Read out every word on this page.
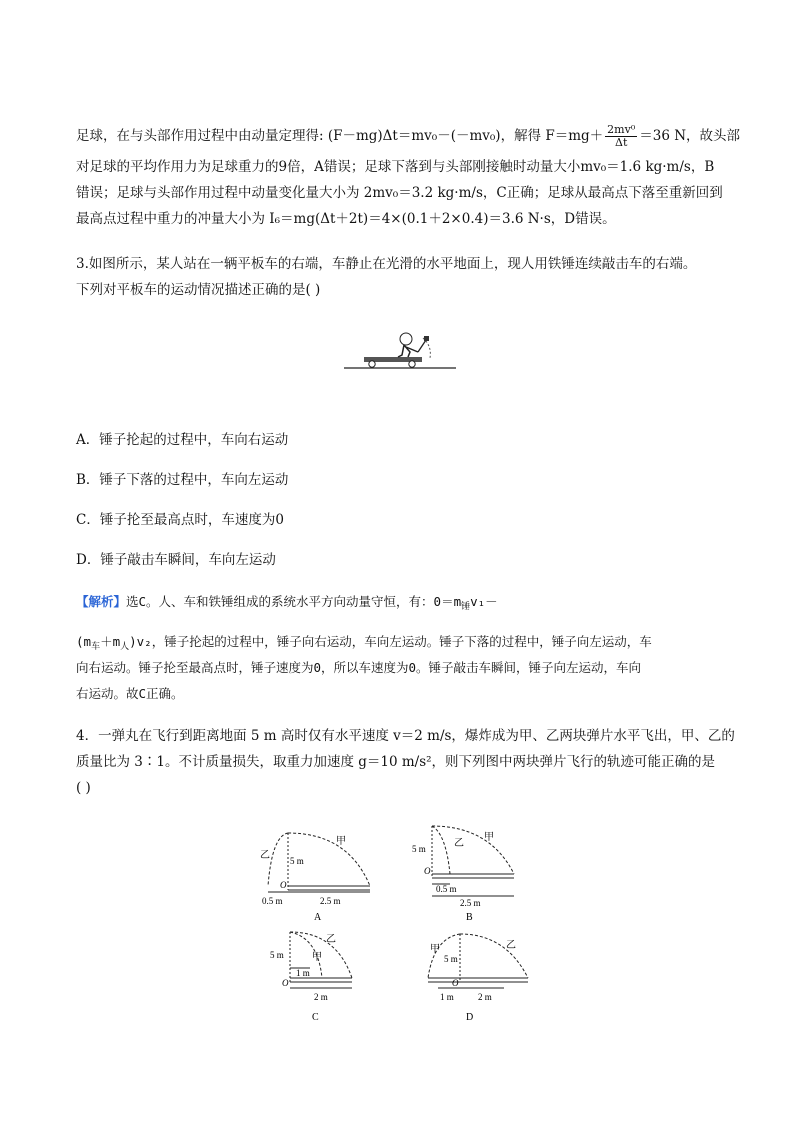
足球，在与头部作用过程中由动量定理得: (F－mg)Δt＝mv₀－(－mv₀)，解得 $F=mg+ \frac{\text{2mv⁰}}{\Delta t} =36$ N，故头部
对足球的平均作用力为足球重力的9倍，A错误；足球下落到与头部刚接触时动量大小mv₀＝1.6 kg·m/s，B
错误；足球与头部作用过程中动量变化量大小为 2mv₀＝3.2 kg·m/s，C正确；足球从最高点下落至重新回到
最高点过程中重力的冲量大小为 I₆＝mg(Δt＋2t)＝4×(0.1＋2×0.4)＝3.6 N·s，D错误。
3.如图所示，某人站在一辆平板车的右端，车静止在光滑的水平地面上，现人用铁锤连续敲击车的右端。
下列对平板车的运动情况描述正确的是( )
A．锤子抡起的过程中，车向右运动
B．锤子下落的过程中，车向左运动
C．锤子抡至最高点时，车速度为0
D．锤子敲击车瞬间，车向左运动
【解析】选C。人、车和铁锤组成的系统水平方向动量守恒，有：$0=m_锤v_1-$
$(m_车+m_人)v_2$，锤子抡起的过程中，锤子向右运动，车向左运动。锤子下落的过程中，锤子向左运动，车
向右运动。锤子抡至最高点时，锤子速度为0，所以车速度为0。锤子敲击车瞬间，锤子向左运动，车向
右运动。故C正确。
4．一弹丸在飞行到距离地面 5 m 高时仅有水平速度 v＝2 m/s，爆炸成为甲、乙两块弹片水平飞出，甲、乙的
质量比为 3∶1。不计质量损失，取重力加速度 g＝10 m/s²，则下列图中两块弹片飞行的轨迹可能正确的是
( )
乙
甲
5 m
O
0.5 m	2.5 m
A
乙
甲
5 m
O
0.5 m
2.5 m
B
乙
甲
5 m
O
1 m
2 m
C
乙
甲
5 m
O
1 m	2 m
D
